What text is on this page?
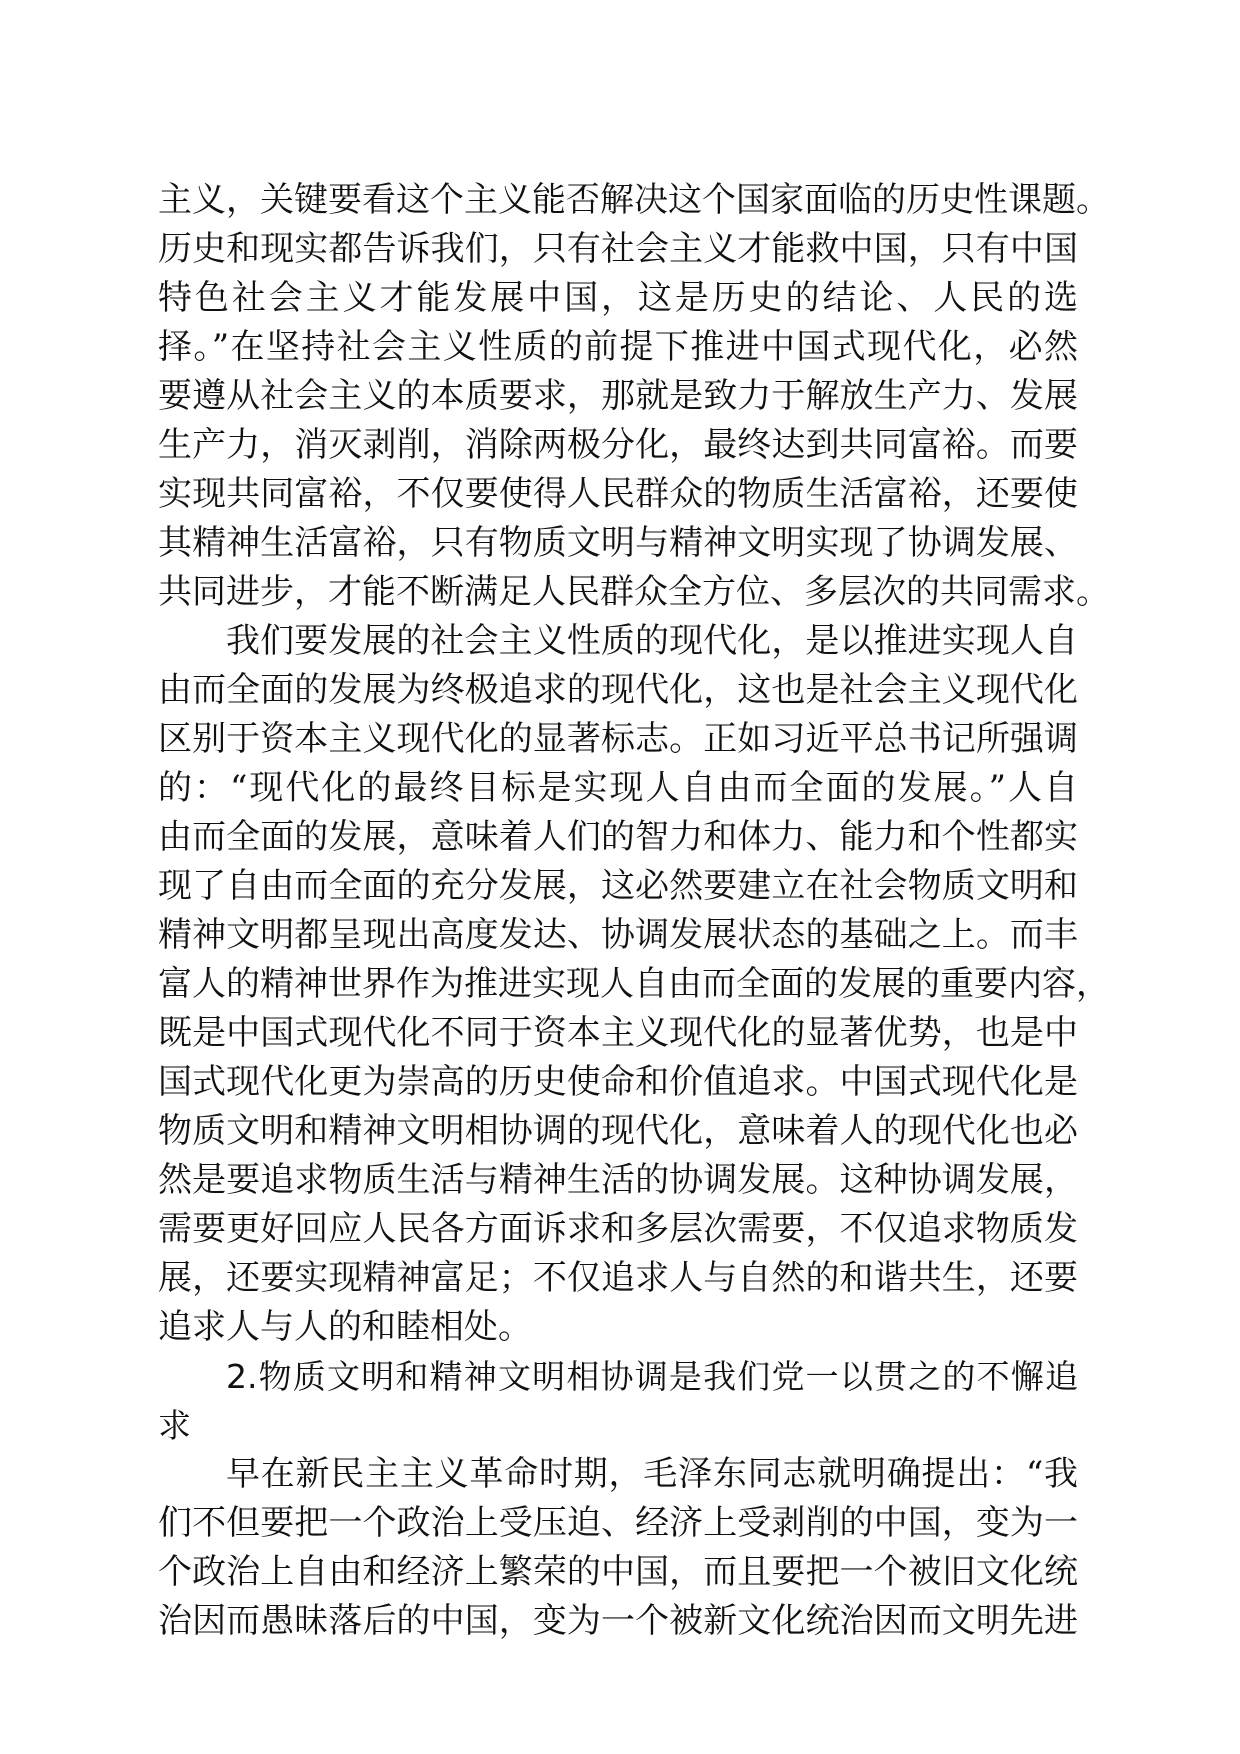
主义，关键要看这个主义能否解决这个国家面临的历史性课题。
历史和现实都告诉我们，只有社会主义才能救中国，只有中国
特色社会主义才能发展中国，这是历史的结论、人民的选
择。”在坚持社会主义性质的前提下推进中国式现代化，必然
要遵从社会主义的本质要求，那就是致力于解放生产力、发展
生产力，消灭剥削，消除两极分化，最终达到共同富裕。而要
实现共同富裕，不仅要使得人民群众的物质生活富裕，还要使
其精神生活富裕，只有物质文明与精神文明实现了协调发展、
共同进步，才能不断满足人民群众全方位、多层次的共同需求。

我们要发展的社会主义性质的现代化，是以推进实现人自
由而全面的发展为终极追求的现代化，这也是社会主义现代化
区别于资本主义现代化的显著标志。正如习近平总书记所强调
的：“现代化的最终目标是实现人自由而全面的发展。”人自
由而全面的发展，意味着人们的智力和体力、能力和个性都实
现了自由而全面的充分发展，这必然要建立在社会物质文明和
精神文明都呈现出高度发达、协调发展状态的基础之上。而丰
富人的精神世界作为推进实现人自由而全面的发展的重要内容，
既是中国式现代化不同于资本主义现代化的显著优势，也是中
国式现代化更为崇高的历史使命和价值追求。中国式现代化是
物质文明和精神文明相协调的现代化，意味着人的现代化也必
然是要追求物质生活与精神生活的协调发展。这种协调发展，
需要更好回应人民各方面诉求和多层次需要，不仅追求物质发
展，还要实现精神富足；不仅追求人与自然的和谐共生，还要
追求人与人的和睦相处。

2.物质文明和精神文明相协调是我们党一以贯之的不懈追
求

早在新民主主义革命时期，毛泽东同志就明确提出：“我
们不但要把一个政治上受压迫、经济上受剥削的中国，变为一
个政治上自由和经济上繁荣的中国，而且要把一个被旧文化统
治因而愚昧落后的中国，变为一个被新文化统治因而文明先进
